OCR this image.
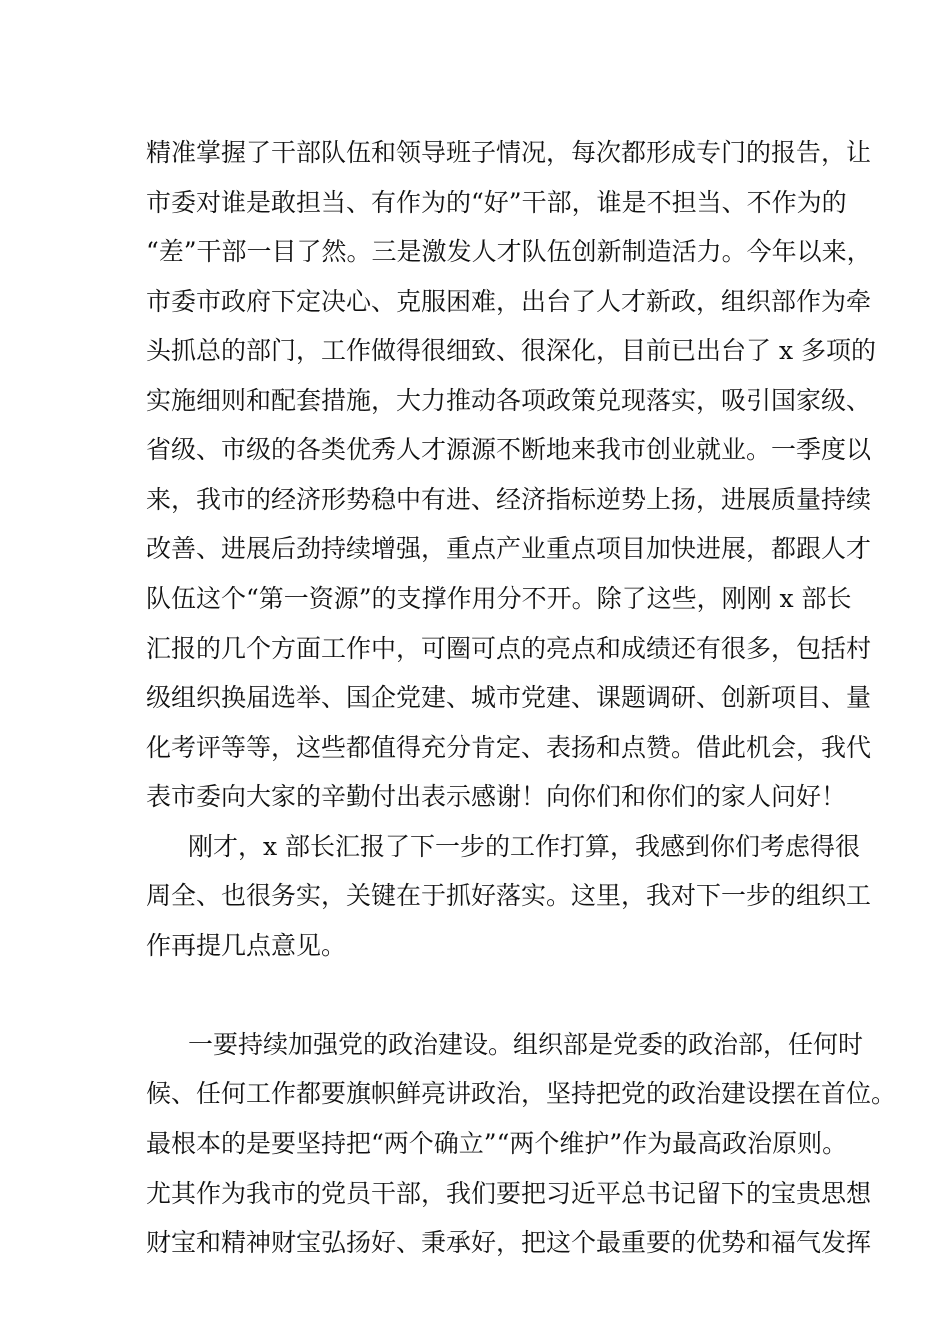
精准掌握了干部队伍和领导班子情况，每次都形成专门的报告，让
市委对谁是敢担当、有作为的“好”干部，谁是不担当、不作为的
“差”干部一目了然。三是激发人才队伍创新制造活力。今年以来，
市委市政府下定决心、克服困难，出台了人才新政，组织部作为牵
头抓总的部门，工作做得很细致、很深化，目前已出台了 x 多项的
实施细则和配套措施，大力推动各项政策兑现落实，吸引国家级、
省级、市级的各类优秀人才源源不断地来我市创业就业。一季度以
来，我市的经济形势稳中有进、经济指标逆势上扬，进展质量持续
改善、进展后劲持续增强，重点产业重点项目加快进展，都跟人才
队伍这个“第一资源”的支撑作用分不开。除了这些，刚刚 x 部长
汇报的几个方面工作中，可圈可点的亮点和成绩还有很多，包括村
级组织换届选举、国企党建、城市党建、课题调研、创新项目、量
化考评等等，这些都值得充分肯定、表扬和点赞。借此机会，我代
表市委向大家的辛勤付出表示感谢！向你们和你们的家人问好！
刚才，x 部长汇报了下一步的工作打算，我感到你们考虑得很
周全、也很务实，关键在于抓好落实。这里，我对下一步的组织工
作再提几点意见。
一要持续加强党的政治建设。组织部是党委的政治部，任何时
候、任何工作都要旗帜鲜亮讲政治，坚持把党的政治建设摆在首位。
最根本的是要坚持把“两个确立”“两个维护”作为最高政治原则。
尤其作为我市的党员干部，我们要把习近平总书记留下的宝贵思想
财宝和精神财宝弘扬好、秉承好，把这个最重要的优势和福气发挥
